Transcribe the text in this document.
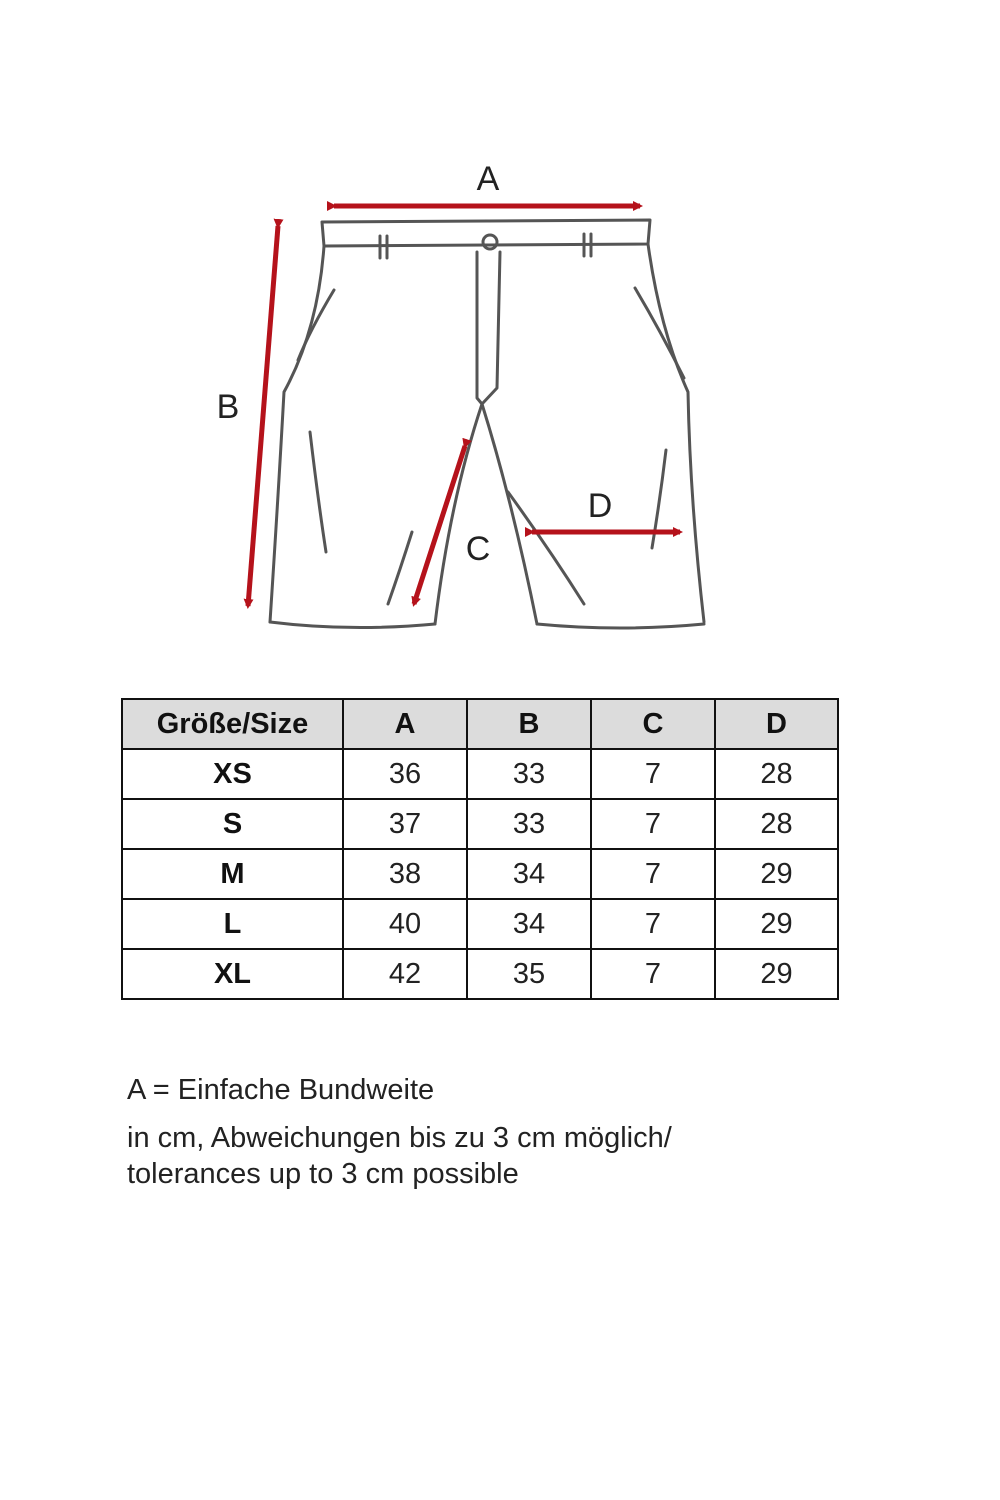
A
B
C
D
Größe/Size	A	B	C	D
XS	36	33	7	28
S	37	33	7	28
M	38	34	7	29
L	40	34	7	29
XL	42	35	7	29
A = Einfache Bundweite
in cm, Abweichungen bis zu 3 cm möglich/
tolerances up to 3 cm possible
